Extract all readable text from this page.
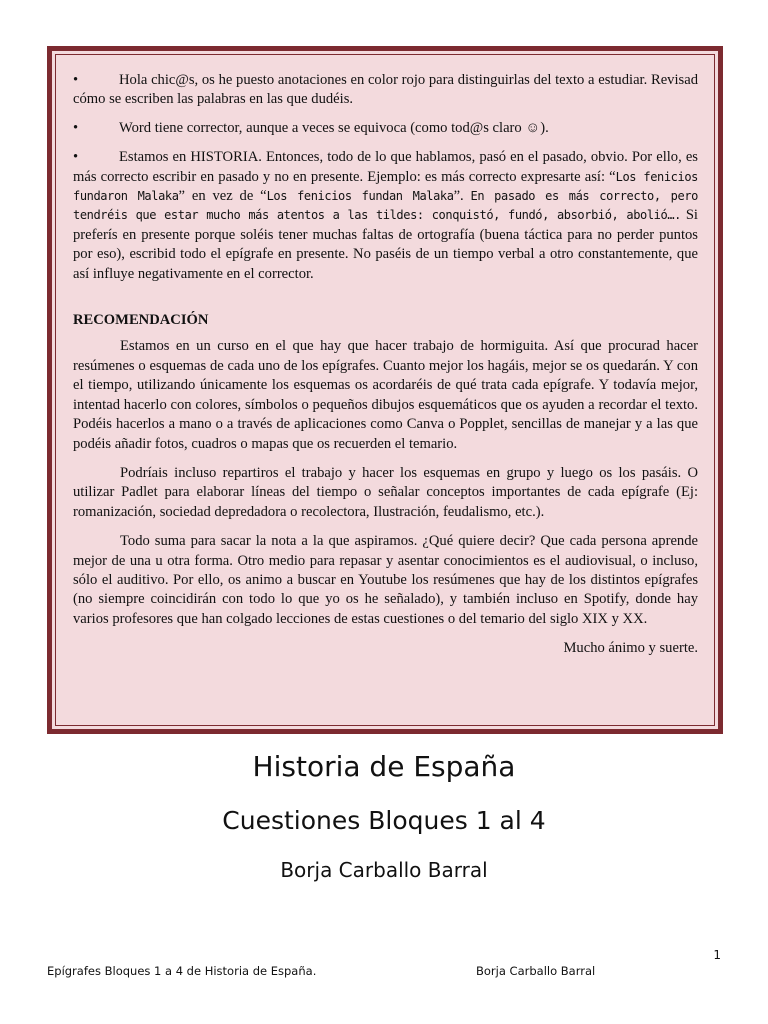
•	Hola chic@s, os he puesto anotaciones en color rojo para distinguirlas del texto a estudiar. Revisad cómo se escriben las palabras en las que dudéis.
•	Word tiene corrector, aunque a veces se equivoca (como tod@s claro ☺).
•	Estamos en HISTORIA. Entonces, todo de lo que hablamos, pasó en el pasado, obvio. Por ello, es más correcto escribir en pasado y no en presente. Ejemplo: es más correcto expresarte así: “Los fenicios fundaron Malaka” en vez de “Los fenicios fundan Malaka”. En pasado es más correcto, pero tendréis que estar mucho más atentos a las tildes: conquistó, fundó, absorbió, abolió…. Si preferís en presente porque soléis tener muchas faltas de ortografía (buena táctica para no perder puntos por eso), escribid todo el epígrafe en presente. No paséis de un tiempo verbal a otro constantemente, que así influye negativamente en el corrector.
RECOMENDACIÓN

Estamos en un curso en el que hay que hacer trabajo de hormiguita. Así que procurad hacer resúmenes o esquemas de cada uno de los epígrafes. Cuanto mejor los hagáis, mejor se os quedarán. Y con el tiempo, utilizando únicamente los esquemas os acordaréis de qué trata cada epígrafe. Y todavía mejor, intentad hacerlo con colores, símbolos o pequeños dibujos esquemáticos que os ayuden a recordar el texto. Podéis hacerlos a mano o a través de aplicaciones como Canva o Popplet, sencillas de manejar y a las que podéis añadir fotos, cuadros o mapas que os recuerden el temario.

Podríais incluso repartiros el trabajo y hacer los esquemas en grupo y luego os los pasáis. O utilizar Padlet para elaborar líneas del tiempo o señalar conceptos importantes de cada epígrafe (Ej: romanización, sociedad depredadora o recolectora, Ilustración, feudalismo, etc.).

Todo suma para sacar la nota a la que aspiramos. ¿Qué quiere decir? Que cada persona aprende mejor de una u otra forma. Otro medio para repasar y asentar conocimientos es el audiovisual, o incluso, sólo el auditivo. Por ello, os animo a buscar en Youtube los resúmenes que hay de los distintos epígrafes (no siempre coincidirán con todo lo que yo os he señalado), y también incluso en Spotify, donde hay varios profesores que han colgado lecciones de estas cuestiones o del temario del siglo XIX y XX.

Mucho ánimo y suerte.

Historia de España
Cuestiones Bloques 1 al 4
Borja Carballo Barral
1
Epígrafes Bloques 1 a 4 de Historia de España.	Borja Carballo Barral
